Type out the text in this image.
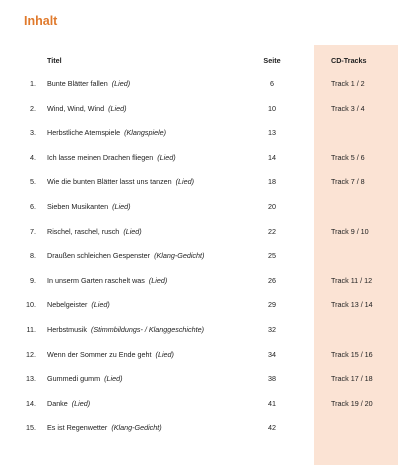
Inhalt
Titel	Seite	CD-Tracks
1. Bunte Blätter fallen (Lied)	6	Track 1 / 2
2. Wind, Wind, Wind (Lied)	10	Track 3 / 4
3. Herbstliche Atemspiele (Klangspiele)	13
4. Ich lasse meinen Drachen fliegen (Lied)	14	Track 5 / 6
5. Wie die bunten Blätter lasst uns tanzen (Lied)	18	Track 7 / 8
6. Sieben Musikanten (Lied)	20
7. Rischel, raschel, rusch (Lied)	22	Track 9 / 10
8. Draußen schleichen Gespenster (Klang-Gedicht)	25
9. In unserm Garten raschelt was (Lied)	26	Track 11 / 12
10. Nebelgeister (Lied)	29	Track 13 / 14
11. Herbstmusik (Stimmbildungs- / Klanggeschichte)	32
12. Wenn der Sommer zu Ende geht (Lied)	34	Track 15 / 16
13. Gummedi gumm (Lied)	38	Track 17 / 18
14. Danke (Lied)	41	Track 19 / 20
15. Es ist Regenwetter (Klang-Gedicht)	42
